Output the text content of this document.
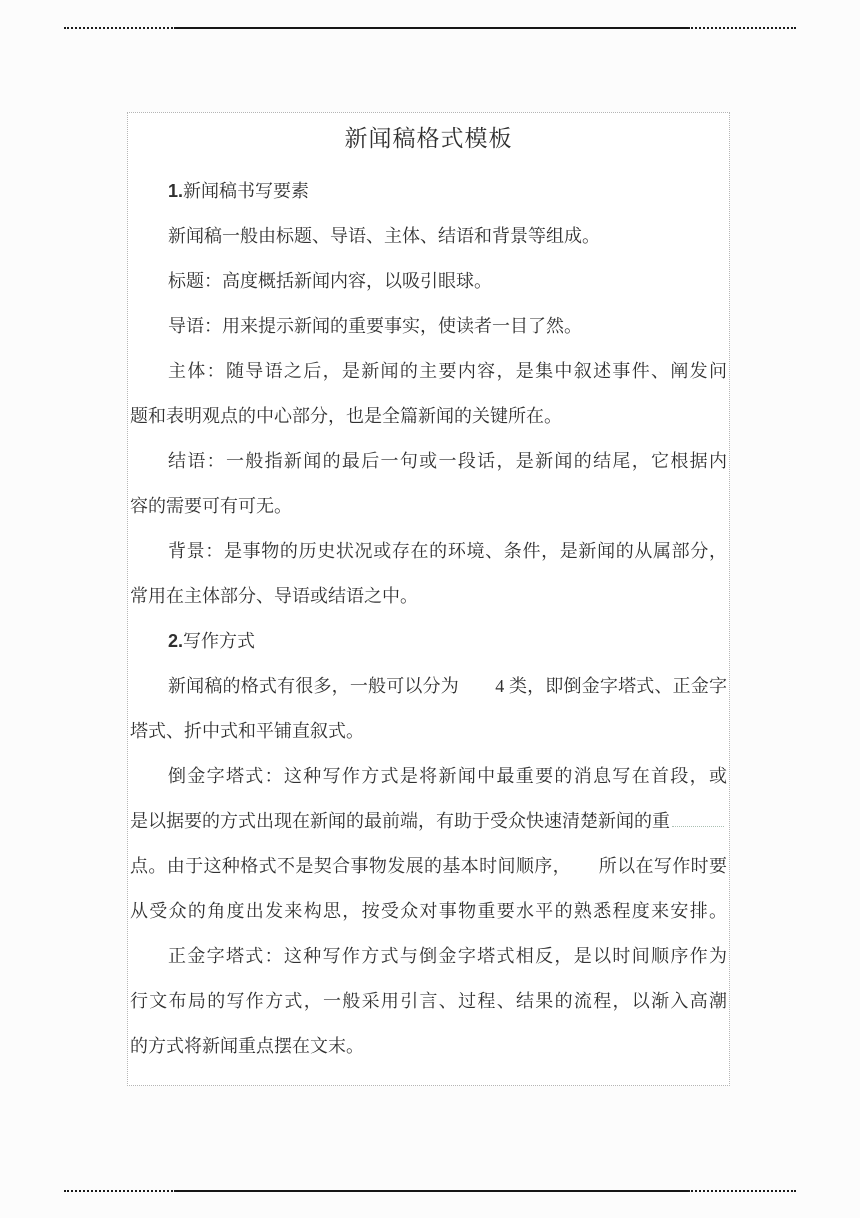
新闻稿格式模板
1.新闻稿书写要素
新闻稿一般由标题、导语、主体、结语和背景等组成。
标题：高度概括新闻内容，以吸引眼球。
导语：用来提示新闻的重要事实，使读者一目了然。
主体：随导语之后，是新闻的主要内容，是集中叙述事件、阐发问
题和表明观点的中心部分，也是全篇新闻的关键所在。
结语：一般指新闻的最后一句或一段话，是新闻的结尾，它根据内
容的需要可有可无。
背景：是事物的历史状况或存在的环境、条件，是新闻的从属部分，
常用在主体部分、导语或结语之中。
2.写作方式
新闻稿的格式有很多，一般可以分为　　4 类，即倒金字塔式、正金字
塔式、折中式和平铺直叙式。
倒金字塔式：这种写作方式是将新闻中最重要的消息写在首段，或
是以据要的方式出现在新闻的最前端，有助于受众快速清楚新闻的重
点。由于这种格式不是契合事物发展的基本时间顺序，　　所以在写作时要
从受众的角度出发来构思，按受众对事物重要水平的熟悉程度来安排。
正金字塔式：这种写作方式与倒金字塔式相反，是以时间顺序作为
行文布局的写作方式，一般采用引言、过程、结果的流程，以渐入高潮
的方式将新闻重点摆在文末。
